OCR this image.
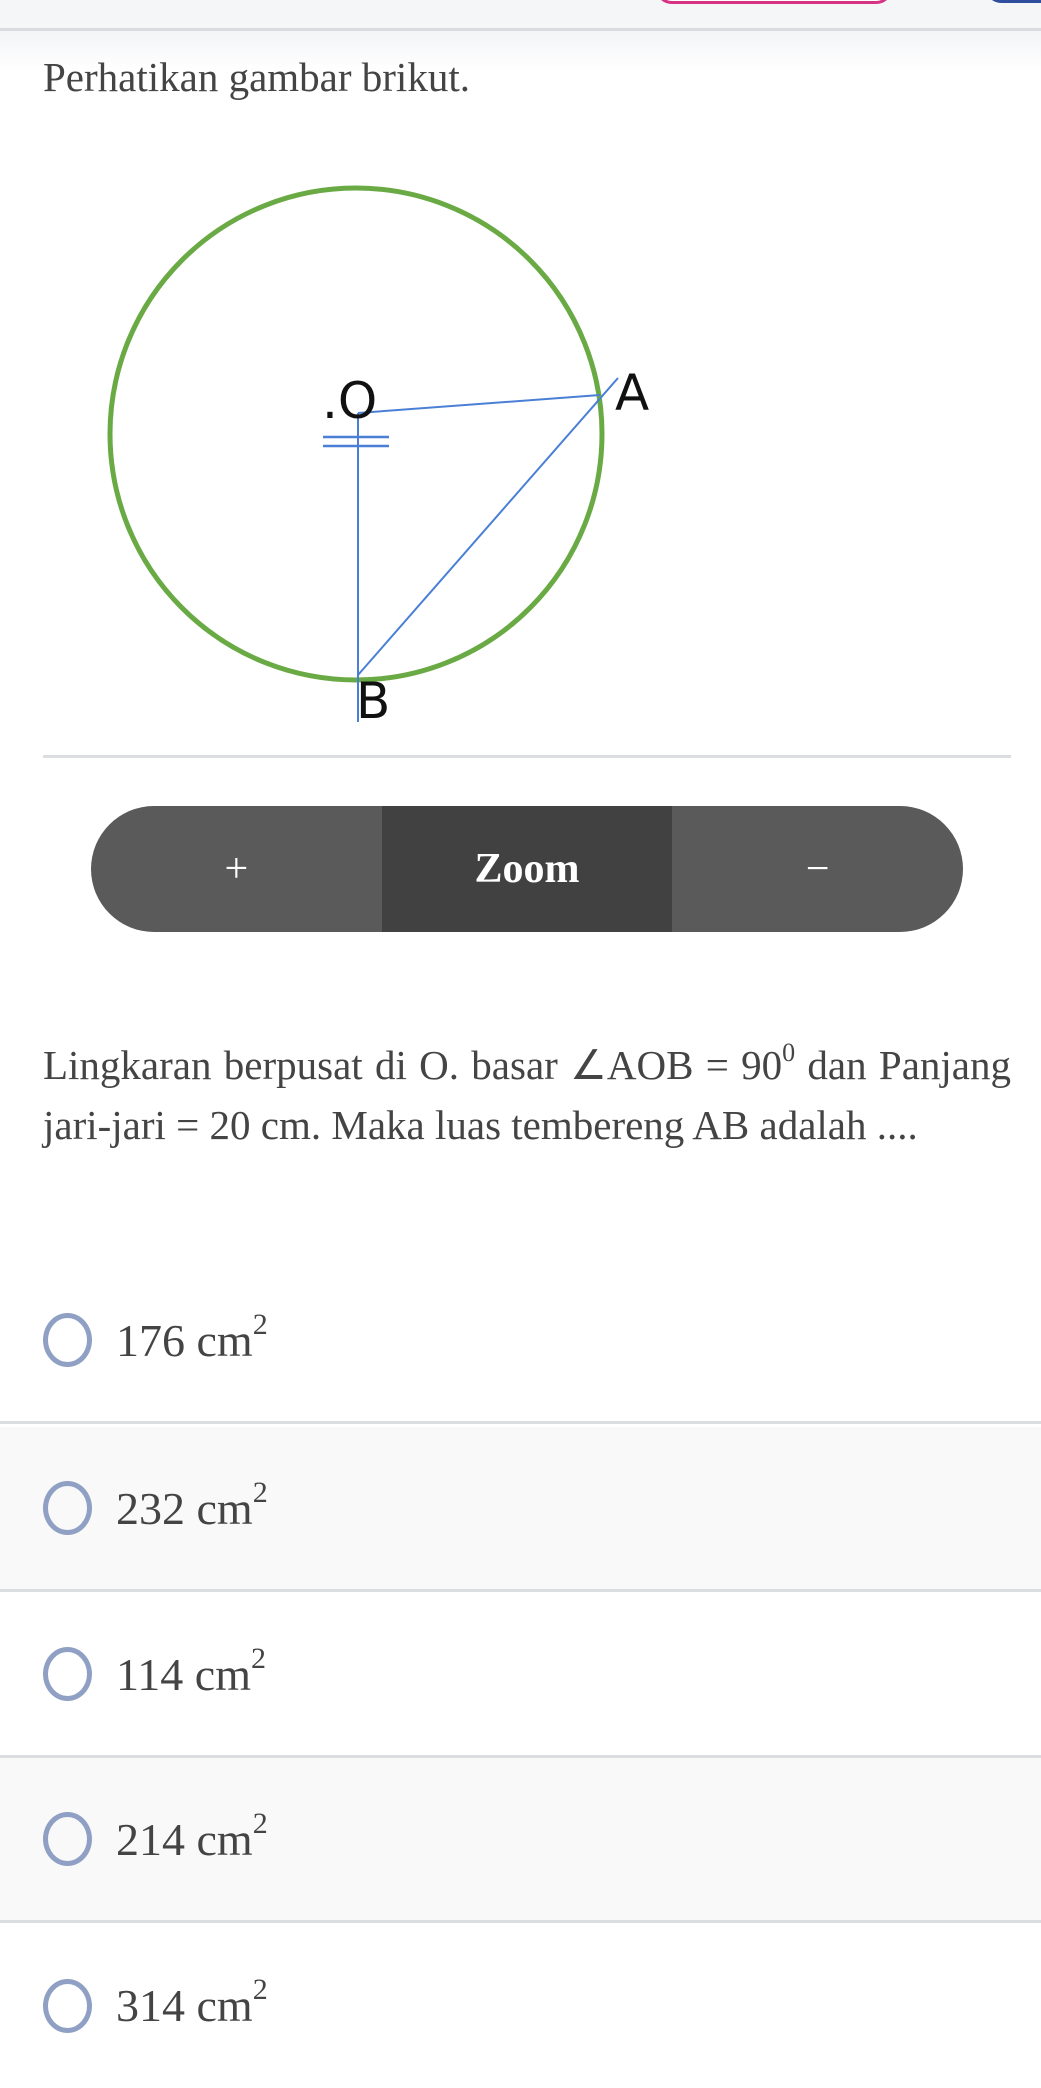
Perhatikan gambar brikut.
.O	A
B
+	Zoom	−
Lingkaran berpusat di O. basar ∠AOB = $90^0$ dan Panjang jari-jari = 20 cm. Maka luas tembereng AB adalah ....
176 $cm^2$
232 $cm^2$
114 $cm^2$
214 $cm^2$
314 $cm^2$
